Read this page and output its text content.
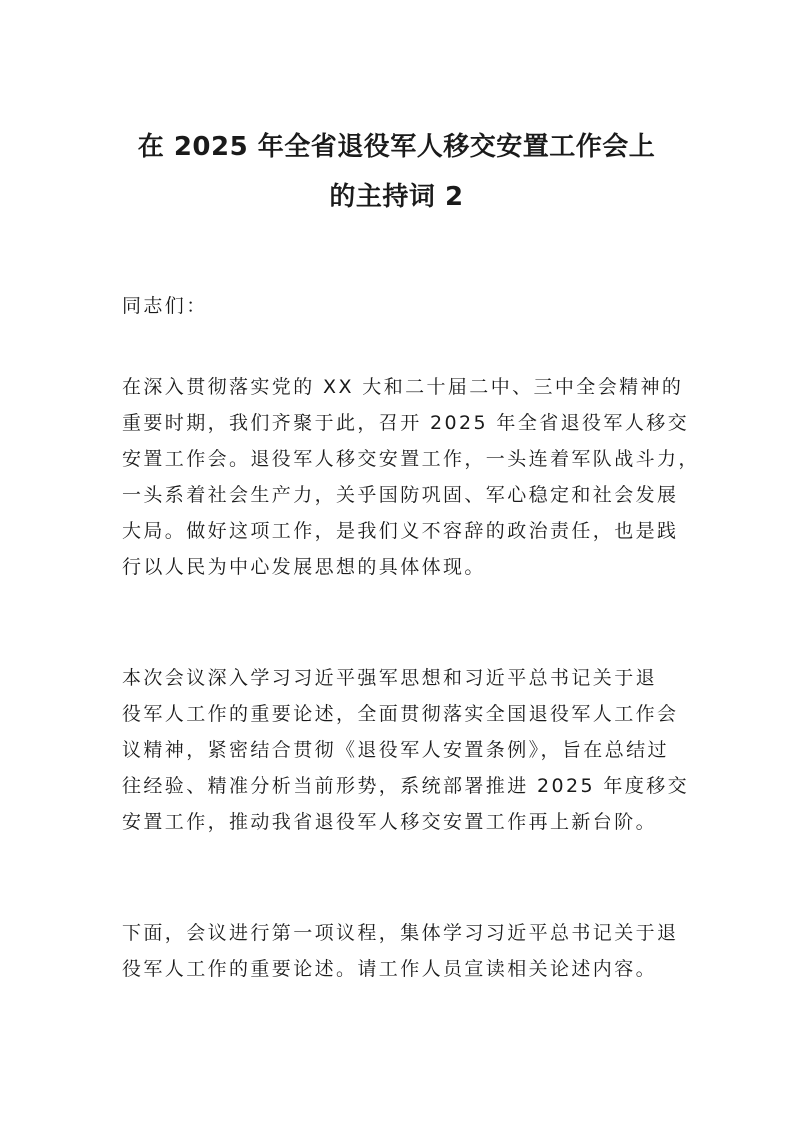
在 2025 年全省退役军人移交安置工作会上
的主持词 2

同志们：

在深入贯彻落实党的 XX 大和二十届二中、三中全会精神的
重要时期，我们齐聚于此，召开 2025 年全省退役军人移交
安置工作会。退役军人移交安置工作，一头连着军队战斗力，
一头系着社会生产力，关乎国防巩固、军心稳定和社会发展
大局。做好这项工作，是我们义不容辞的政治责任，也是践
行以人民为中心发展思想的具体体现。

本次会议深入学习习近平强军思想和习近平总书记关于退
役军人工作的重要论述，全面贯彻落实全国退役军人工作会
议精神，紧密结合贯彻《退役军人安置条例》，旨在总结过
往经验、精准分析当前形势，系统部署推进 2025 年度移交
安置工作，推动我省退役军人移交安置工作再上新台阶。

下面，会议进行第一项议程，集体学习习近平总书记关于退
役军人工作的重要论述。请工作人员宣读相关论述内容。
